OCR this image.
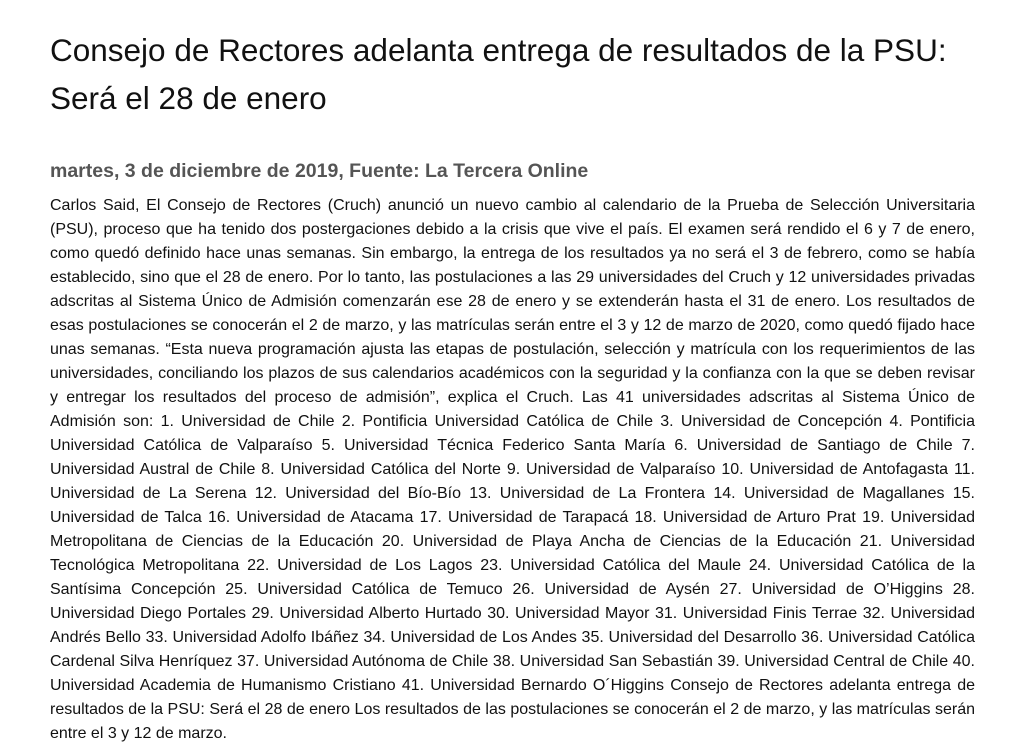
Consejo de Rectores adelanta entrega de resultados de la PSU: Será el 28 de enero

martes, 3 de diciembre de 2019, Fuente: La Tercera Online

Carlos Said, El Consejo de Rectores (Cruch) anunció un nuevo cambio al calendario de la Prueba de Selección Universitaria (PSU), proceso que ha tenido dos postergaciones debido a la crisis que vive el país. El examen será rendido el 6 y 7 de enero, como quedó definido hace unas semanas. Sin embargo, la entrega de los resultados ya no será el 3 de febrero, como se había establecido, sino que el 28 de enero. Por lo tanto, las postulaciones a las 29 universidades del Cruch y 12 universidades privadas adscritas al Sistema Único de Admisión comenzarán ese 28 de enero y se extenderán hasta el 31 de enero. Los resultados de esas postulaciones se conocerán el 2 de marzo, y las matrículas serán entre el 3 y 12 de marzo de 2020, como quedó fijado hace unas semanas. “Esta nueva programación ajusta las etapas de postulación, selección y matrícula con los requerimientos de las universidades, conciliando los plazos de sus calendarios académicos con la seguridad y la confianza con la que se deben revisar y entregar los resultados del proceso de admisión”, explica el Cruch. Las 41 universidades adscritas al Sistema Único de Admisión son: 1. Universidad de Chile 2. Pontificia Universidad Católica de Chile 3. Universidad de Concepción 4. Pontificia Universidad Católica de Valparaíso 5. Universidad Técnica Federico Santa María 6. Universidad de Santiago de Chile 7. Universidad Austral de Chile 8. Universidad Católica del Norte 9. Universidad de Valparaíso 10. Universidad de Antofagasta 11. Universidad de La Serena 12. Universidad del Bío-Bío 13. Universidad de La Frontera 14. Universidad de Magallanes 15. Universidad de Talca 16. Universidad de Atacama 17. Universidad de Tarapacá 18. Universidad de Arturo Prat 19. Universidad Metropolitana de Ciencias de la Educación 20. Universidad de Playa Ancha de Ciencias de la Educación 21. Universidad Tecnológica Metropolitana 22. Universidad de Los Lagos 23. Universidad Católica del Maule 24. Universidad Católica de la Santísima Concepción 25. Universidad Católica de Temuco 26. Universidad de Aysén 27. Universidad de O’Higgins 28. Universidad Diego Portales 29. Universidad Alberto Hurtado 30. Universidad Mayor 31. Universidad Finis Terrae 32. Universidad Andrés Bello 33. Universidad Adolfo Ibáñez 34. Universidad de Los Andes 35. Universidad del Desarrollo 36. Universidad Católica Cardenal Silva Henríquez 37. Universidad Autónoma de Chile 38. Universidad San Sebastián 39. Universidad Central de Chile 40. Universidad Academia de Humanismo Cristiano 41. Universidad Bernardo O´Higgins Consejo de Rectores adelanta entrega de resultados de la PSU: Será el 28 de enero Los resultados de las postulaciones se conocerán el 2 de marzo, y las matrículas serán entre el 3 y 12 de marzo.
